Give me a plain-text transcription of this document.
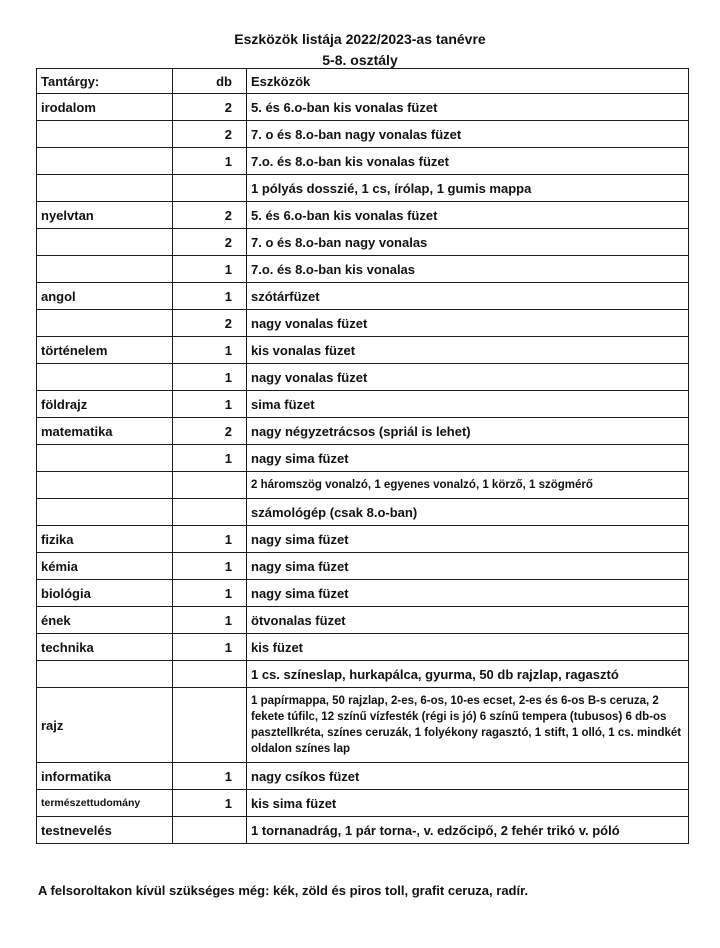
Eszközök listája 2022/2023-as tanévre
5-8. osztály
Tantárgy:	db	Eszközök
irodalom	2	5. és 6.o-ban kis vonalas füzet
	2	7. o és 8.o-ban nagy vonalas füzet
	1	7.o. és 8.o-ban kis vonalas füzet
		1 pólyás dosszié, 1 cs, írólap, 1 gumis mappa
nyelvtan	2	5. és 6.o-ban kis vonalas füzet
	2	7. o és 8.o-ban nagy vonalas
	1	7.o. és 8.o-ban kis vonalas
angol	1	szótárfüzet
	2	nagy vonalas füzet
történelem	1	kis vonalas füzet
	1	nagy vonalas füzet
földrajz	1	sima füzet
matematika	2	nagy négyzetrácsos (spriál is lehet)
	1	nagy sima füzet
		2 háromszög vonalzó, 1 egyenes vonalzó, 1 körző, 1 szögmérő
		számológép (csak 8.o-ban)
fizika	1	nagy sima füzet
kémia	1	nagy sima füzet
biológia	1	nagy sima füzet
ének	1	ötvonalas füzet
technika	1	kis füzet
		1 cs. színeslap, hurkapálca, gyurma, 50 db rajzlap, ragasztó
rajz		1 papírmappa, 50 rajzlap, 2-es, 6-os, 10-es ecset, 2-es és 6-os B-s ceruza, 2 fekete túfilc, 12 színű vízfesték (régi is jó) 6 színű tempera (tubusos) 6 db-os pasztellkréta, színes ceruzák, 1 folyékony ragasztó, 1 stift, 1 olló, 1 cs. mindkét oldalon színes lap
informatika	1	nagy csíkos füzet
természettudomány	1	kis sima füzet
testnevelés		1 tornanadrág, 1 pár torna-, v. edzőcipő, 2 fehér trikó v. póló
A felsoroltakon kívül szükséges még: kék, zöld és piros toll, grafit ceruza, radír.
